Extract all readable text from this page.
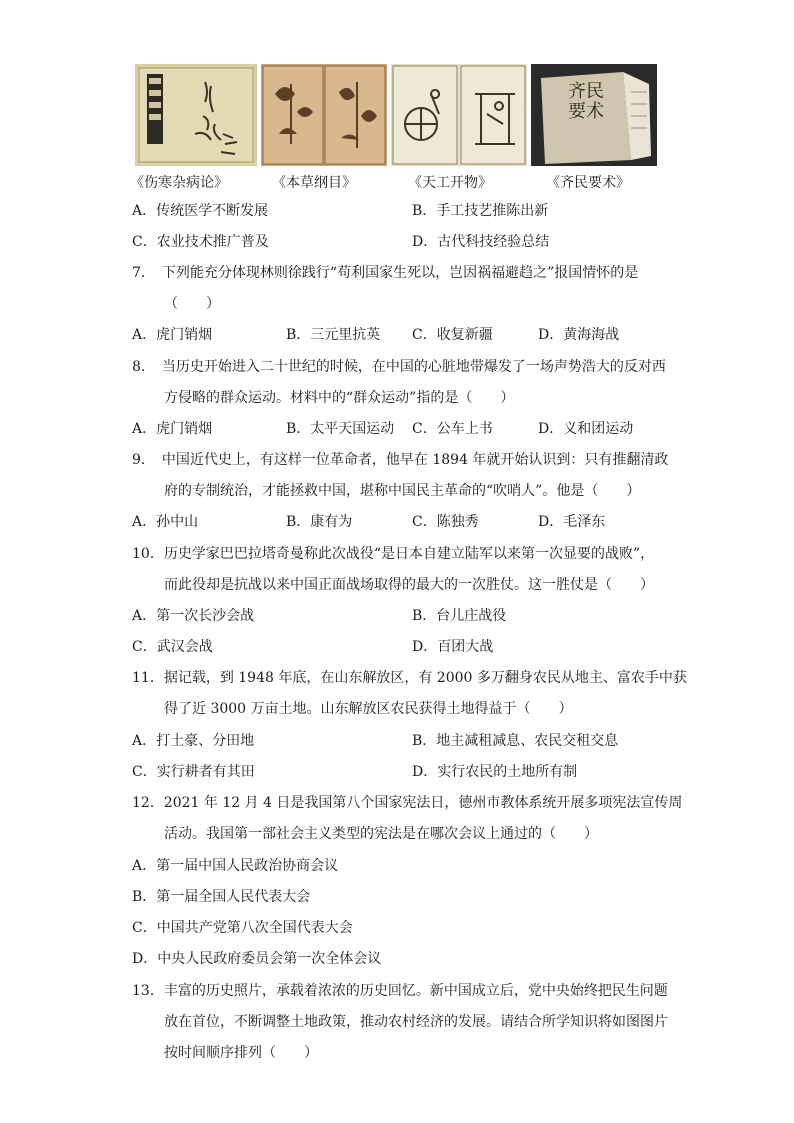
齐民
要术
《伤寒杂病论》	《本草纲目》	《天工开物》	《齐民要术》
A．传统医学不断发展	B．手工技艺推陈出新
C．农业技术推广普及	D．古代科技经验总结
7．　下列能充分体现林则徐践行“苟利国家生死以，岂因祸福避趋之”报国情怀的是
（　　）
A．虎门销烟	B．三元里抗英 C．收复新疆	D．黄海海战
8．　当历史开始进入二十世纪的时候，在中国的心脏地带爆发了一场声势浩大的反对西
方侵略的群众运动。材料中的“群众运动”指的是（　　）
A．虎门销烟	B．太平天国运动 C．公车上书	D．义和团运动
9．　中国近代史上，有这样一位革命者，他早在 1894 年就开始认识到：只有推翻清政
府的专制统治，才能拯救中国，堪称中国民主革命的“吹哨人”。他是（　　）
A．孙中山	B．康有为	C．陈独秀	D．毛泽东
10．历史学家巴巴拉塔奇曼称此次战役“是日本自建立陆军以来第一次显要的战败”，
而此役却是抗战以来中国正面战场取得的最大的一次胜仗。这一胜仗是（　　）
A．第一次长沙会战	B．台儿庄战役
C．武汉会战	D．百团大战
11．据记载，到 1948 年底，在山东解放区，有 2000 多万翻身农民从地主、富农手中获
得了近 3000 万亩土地。山东解放区农民获得土地得益于（　　）
A．打土豪、分田地	B．地主减租减息、农民交租交息
C．实行耕者有其田	D．实行农民的土地所有制
12．2021 年 12 月 4 日是我国第八个国家宪法日，德州市教体系统开展多项宪法宣传周
活动。我国第一部社会主义类型的宪法是在哪次会议上通过的（　　）
A．第一届中国人民政治协商会议
B．第一届全国人民代表大会
C．中国共产党第八次全国代表大会
D．中央人民政府委员会第一次全体会议
13．丰富的历史照片，承载着浓浓的历史回忆。新中国成立后，党中央始终把民生问题
放在首位，不断调整土地政策，推动农村经济的发展。请结合所学知识将如图图片
按时间顺序排列（　　）
